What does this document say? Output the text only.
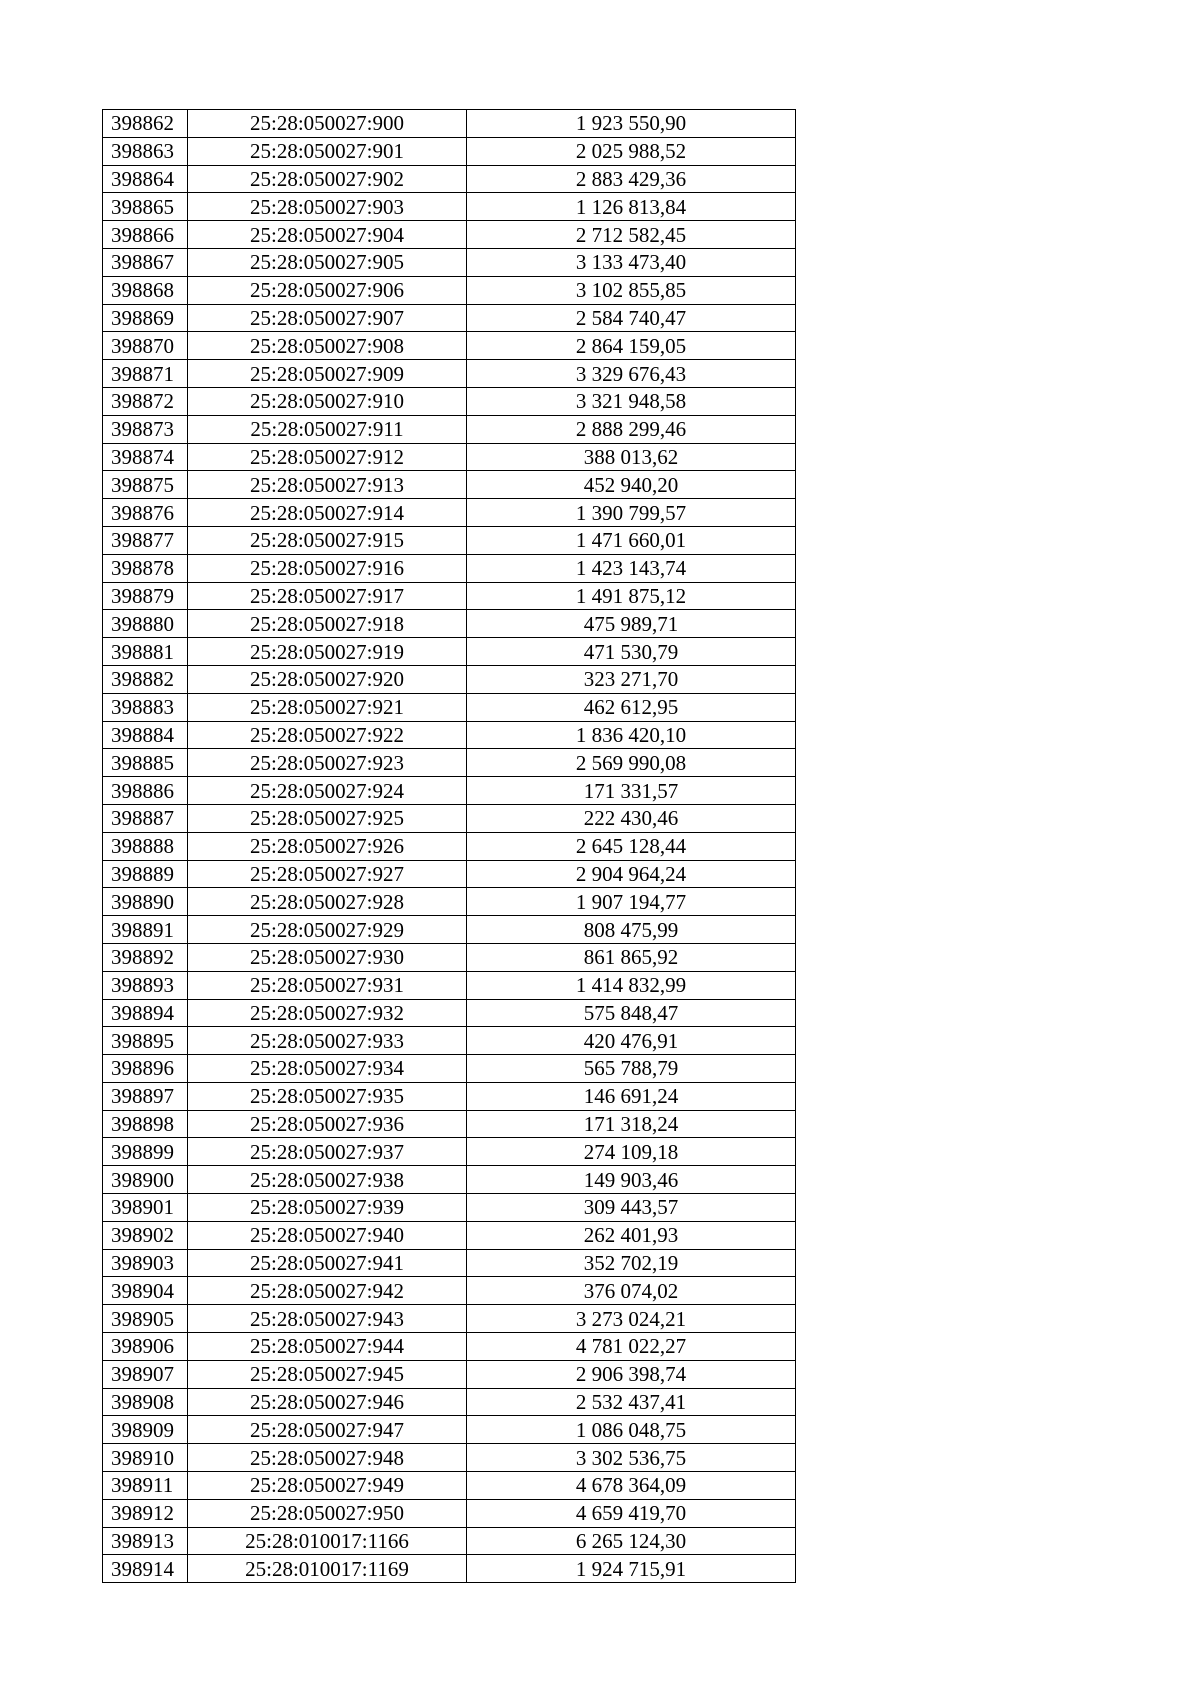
398862	25:28:050027:900	1 923 550,90
398863	25:28:050027:901	2 025 988,52
398864	25:28:050027:902	2 883 429,36
398865	25:28:050027:903	1 126 813,84
398866	25:28:050027:904	2 712 582,45
398867	25:28:050027:905	3 133 473,40
398868	25:28:050027:906	3 102 855,85
398869	25:28:050027:907	2 584 740,47
398870	25:28:050027:908	2 864 159,05
398871	25:28:050027:909	3 329 676,43
398872	25:28:050027:910	3 321 948,58
398873	25:28:050027:911	2 888 299,46
398874	25:28:050027:912	388 013,62
398875	25:28:050027:913	452 940,20
398876	25:28:050027:914	1 390 799,57
398877	25:28:050027:915	1 471 660,01
398878	25:28:050027:916	1 423 143,74
398879	25:28:050027:917	1 491 875,12
398880	25:28:050027:918	475 989,71
398881	25:28:050027:919	471 530,79
398882	25:28:050027:920	323 271,70
398883	25:28:050027:921	462 612,95
398884	25:28:050027:922	1 836 420,10
398885	25:28:050027:923	2 569 990,08
398886	25:28:050027:924	171 331,57
398887	25:28:050027:925	222 430,46
398888	25:28:050027:926	2 645 128,44
398889	25:28:050027:927	2 904 964,24
398890	25:28:050027:928	1 907 194,77
398891	25:28:050027:929	808 475,99
398892	25:28:050027:930	861 865,92
398893	25:28:050027:931	1 414 832,99
398894	25:28:050027:932	575 848,47
398895	25:28:050027:933	420 476,91
398896	25:28:050027:934	565 788,79
398897	25:28:050027:935	146 691,24
398898	25:28:050027:936	171 318,24
398899	25:28:050027:937	274 109,18
398900	25:28:050027:938	149 903,46
398901	25:28:050027:939	309 443,57
398902	25:28:050027:940	262 401,93
398903	25:28:050027:941	352 702,19
398904	25:28:050027:942	376 074,02
398905	25:28:050027:943	3 273 024,21
398906	25:28:050027:944	4 781 022,27
398907	25:28:050027:945	2 906 398,74
398908	25:28:050027:946	2 532 437,41
398909	25:28:050027:947	1 086 048,75
398910	25:28:050027:948	3 302 536,75
398911	25:28:050027:949	4 678 364,09
398912	25:28:050027:950	4 659 419,70
398913	25:28:010017:1166	6 265 124,30
398914	25:28:010017:1169	1 924 715,91
